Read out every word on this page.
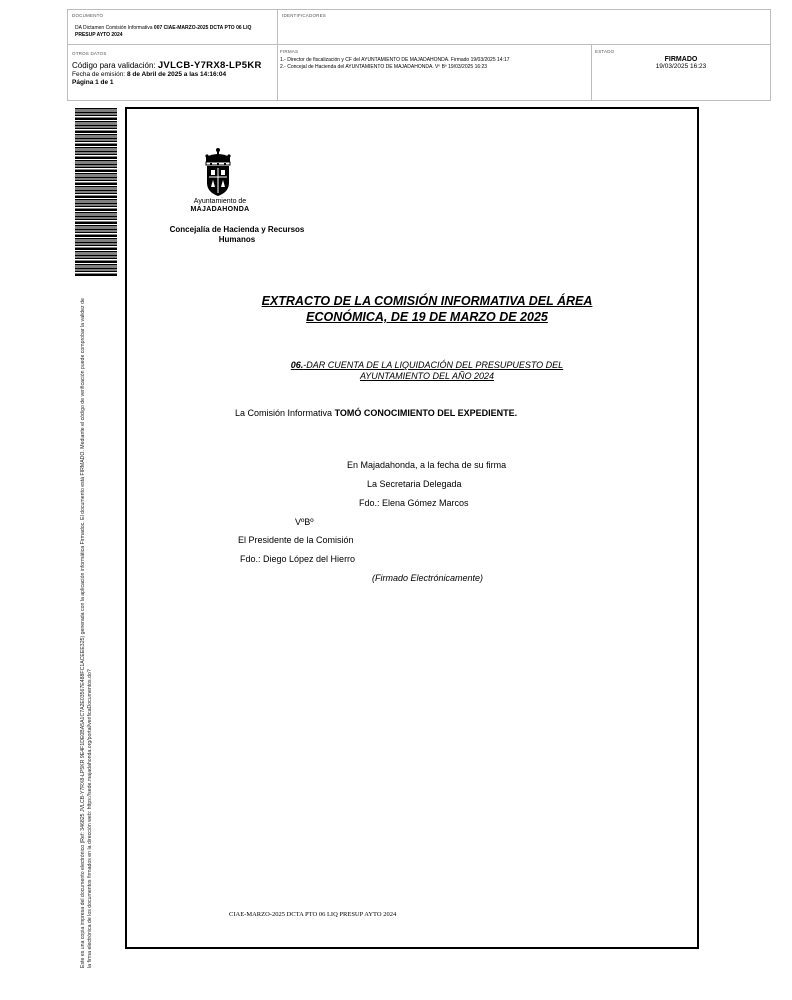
DOCUMENTO
DA Dictamen Comisión Informativa 007 CIAE-MARZO-2025 DCTA PTO 06 LIQ PRESUP AYTO 2024
IDENTIFICADORES
OTROS DATOS
Código para validación: JVLCB-Y7RX8-LP5KR
Fecha de emisión: 8 de Abril de 2025 a las 14:16:04
Página 1 de 1
FIRMAS
1.- Director de fiscalización y CF del AYUNTAMIENTO DE MAJADAHONDA. Firmado 19/03/2025 14:17
2.- Concejal de Hacienda del AYUNTAMIENTO DE MAJADAHONDA. Vº Bº 19/03/2025 16:23
ESTADO
FIRMADO
19/03/2025 16:23
Este es una copia impresa del documento electrónico (Ref: 346825 JVLCB-Y7RX8-LP5KR 9E4F1DE0BA5A1C7A2E03567E488FC1ACEEE325) generada con la aplicación informática Firmadoc. El documento está FIRMADO. Mediante el código de verificación puede comprobar la validez de la firma electrónica de los documentos firmados en la dirección web: https://sede.majadahonda.org/portal/verificaDocumentos.do?
Ayuntamiento de
MAJADAHONDA
Concejalía de Hacienda y Recursos Humanos
EXTRACTO DE LA COMISIÓN INFORMATIVA DEL ÁREA ECONÓMICA, DE 19 DE MARZO DE 2025
06.-DAR CUENTA DE LA LIQUIDACIÓN DEL PRESUPUESTO DEL AYUNTAMIENTO DEL AÑO 2024
La Comisión Informativa TOMÓ CONOCIMIENTO DEL EXPEDIENTE.
En Majadahonda, a la fecha de su firma
La Secretaria Delegada
Fdo.: Elena Gómez Marcos
VºBº
El Presidente de la Comisión
Fdo.: Diego López del Hierro
(Firmado Electrónicamente)
CIAE-MARZO-2025 DCTA PTO 06 LIQ PRESUP AYTO 2024
